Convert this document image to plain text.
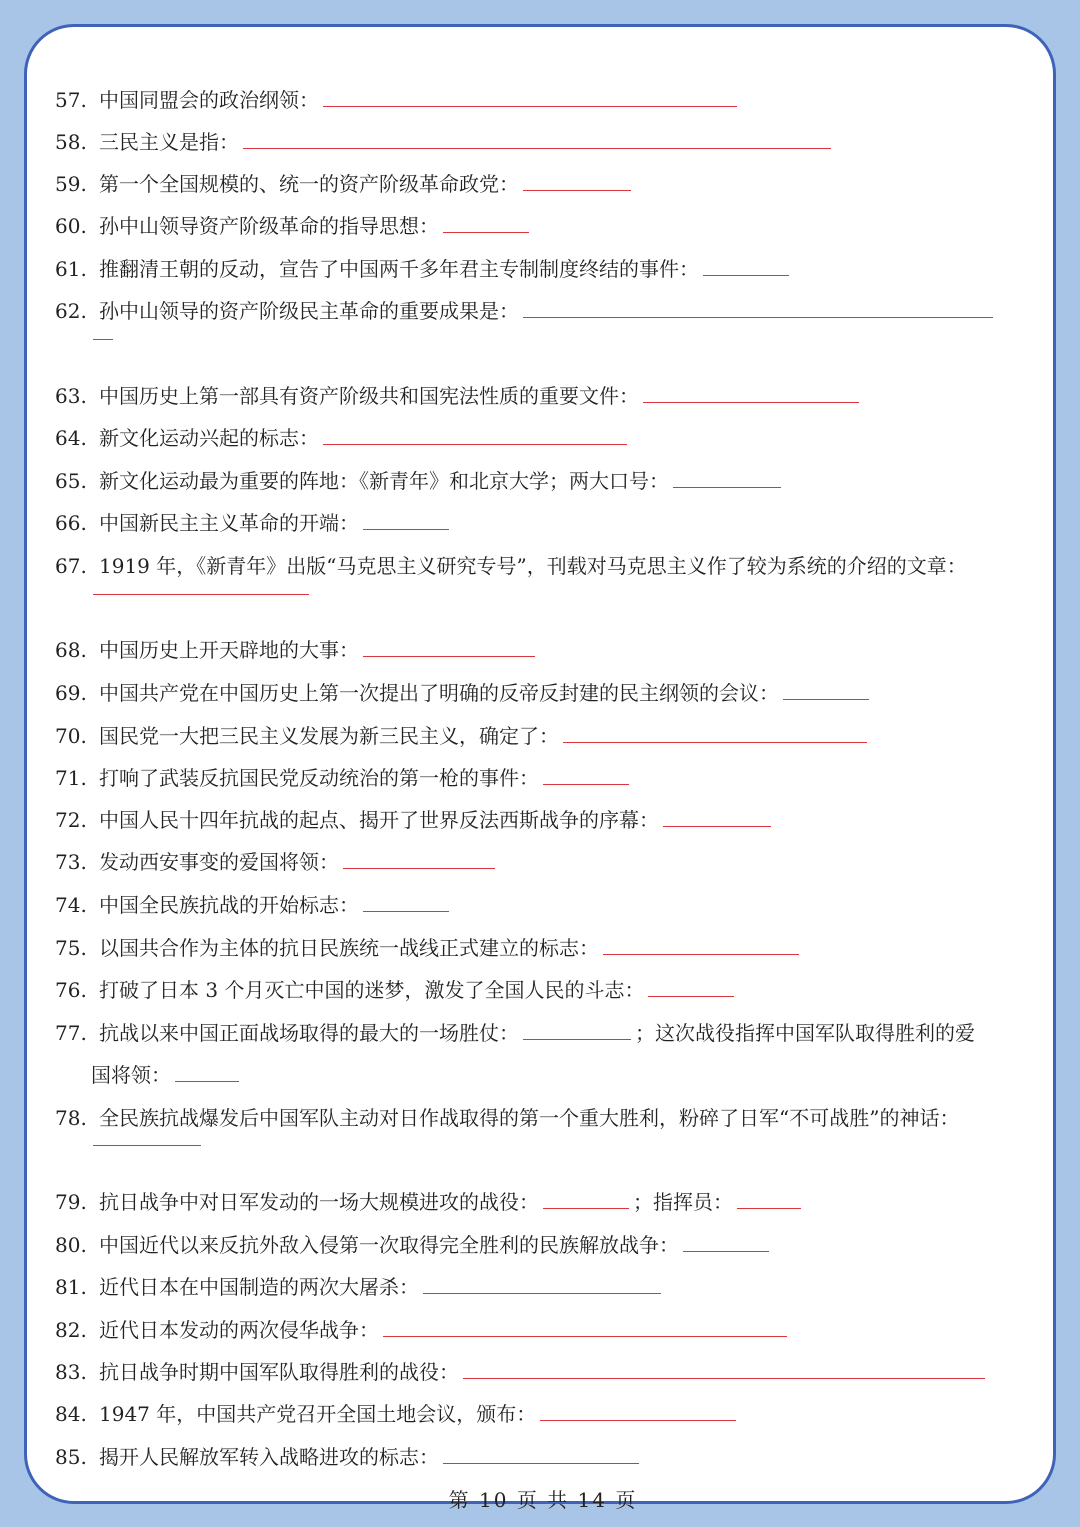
57. 中国同盟会的政治纲领：
58. 三民主义是指：
59. 第一个全国规模的、统一的资产阶级革命政党：
60. 孙中山领导资产阶级革命的指导思想：
61. 推翻清王朝的反动，宣告了中国两千多年君主专制制度终结的事件：
62. 孙中山领导的资产阶级民主革命的重要成果是：
63. 中国历史上第一部具有资产阶级共和国宪法性质的重要文件：
64. 新文化运动兴起的标志：
65. 新文化运动最为重要的阵地：《新青年》和北京大学；两大口号：
66. 中国新民主主义革命的开端：
67. 1919 年，《新青年》出版“马克思主义研究专号”，刊载对马克思主义作了较为系统的介绍的文章：
68. 中国历史上开天辟地的大事：
69. 中国共产党在中国历史上第一次提出了明确的反帝反封建的民主纲领的会议：
70. 国民党一大把三民主义发展为新三民主义，确定了：
71. 打响了武装反抗国民党反动统治的第一枪的事件：
72. 中国人民十四年抗战的起点、揭开了世界反法西斯战争的序幕：
73. 发动西安事变的爱国将领：
74. 中国全民族抗战的开始标志：
75. 以国共合作为主体的抗日民族统一战线正式建立的标志：
76. 打破了日本 3 个月灭亡中国的迷梦，激发了全国人民的斗志：
77. 抗战以来中国正面战场取得的最大的一场胜仗：	；这次战役指挥中国军队取得胜利的爱
国将领：
78. 全民族抗战爆发后中国军队主动对日作战取得的第一个重大胜利，粉碎了日军“不可战胜”的神话：
79. 抗日战争中对日军发动的一场大规模进攻的战役：	；指挥员：
80. 中国近代以来反抗外敌入侵第一次取得完全胜利的民族解放战争：
81. 近代日本在中国制造的两次大屠杀：
82. 近代日本发动的两次侵华战争：
83. 抗日战争时期中国军队取得胜利的战役：
84. 1947 年，中国共产党召开全国土地会议，颁布：
85. 揭开人民解放军转入战略进攻的标志：
第 10 页 共 14 页
